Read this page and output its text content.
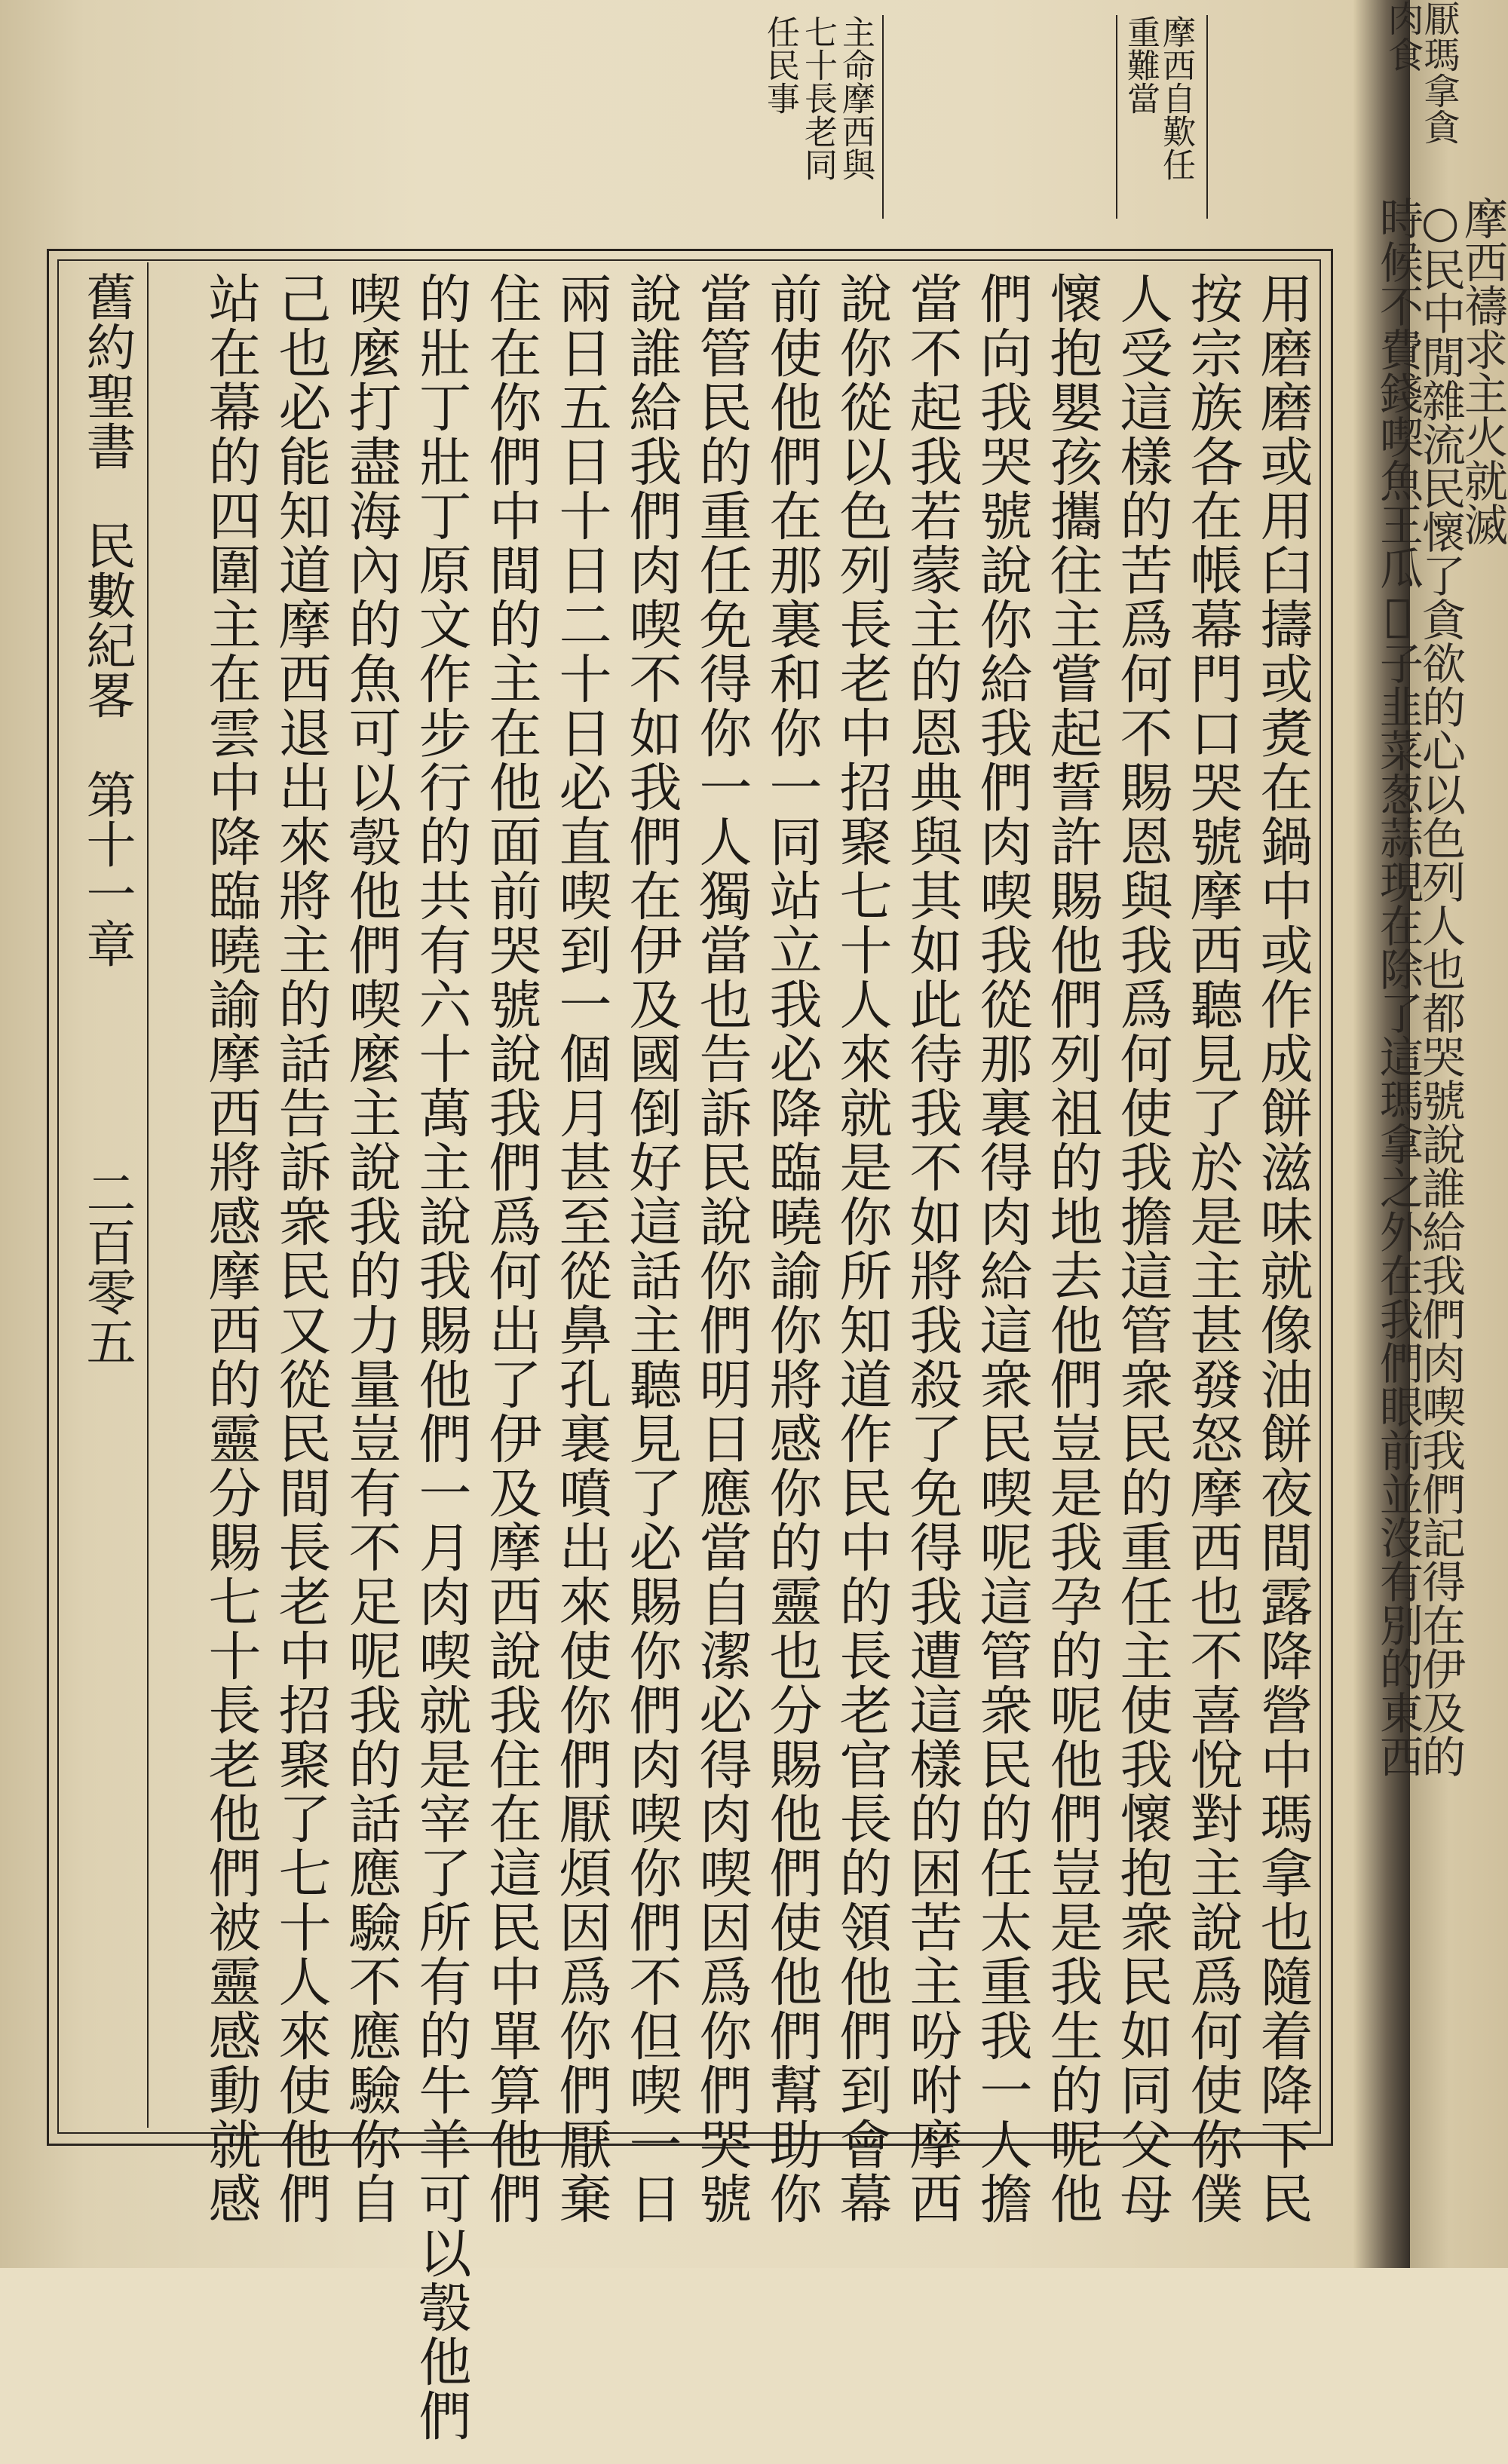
摩西自歎任
重難當

主命摩西與
七十長老同
任民事
用磨磨或用臼擣或煑在鍋中或作成餅滋味就像油餅夜間露降營中瑪拿也隨着降下民
按宗族各在帳幕門口哭號摩西聽見了於是主甚發怒摩西也不喜悅對主說爲何使你僕
人受這樣的苦爲何不賜恩與我爲何使我擔這管衆民的重任主使我懷抱衆民如同父母
懷抱嬰孩攜往主嘗起誓許賜他們列祖的地去他們豈是我孕的呢他們豈是我生的呢他
們向我哭號說你給我們肉喫我從那裏得肉給這衆民喫呢這管衆民的任太重我一人擔
當不起我若蒙主的恩典與其如此待我不如將我殺了免得我遭這樣的困苦主吩咐摩西
說你從以色列長老中招聚七十人來就是你所知道作民中的長老官長的領他們到會幕
前使他們在那裏和你一同站立我必降臨曉諭你將感你的靈也分賜他們使他們幫助你
當管民的重任免得你一人獨當也告訴民說你們明日應當自潔必得肉喫因爲你們哭號
說誰給我們肉喫不如我們在伊及國倒好這話主聽見了必賜你們肉喫你們不但喫一日
兩日五日十日二十日必直喫到一個月甚至從鼻孔裏噴出來使你們厭煩因爲你們厭棄
住在你們中間的主在他面前哭號說我們爲何出了伊及摩西說我住在這民中單算他們
的壯丁壯丁原文作步行的共有六十萬主說我賜他們一月肉喫就是宰了所有的牛羊可以彀他們
喫麼打盡海內的魚可以彀他們喫麼主說我的力量豈有不足呢我的話應驗不應驗你自
己也必能知道摩西退出來將主的話告訴衆民又從民間長老中招聚了七十人來使他們
站在幕的四圍主在雲中降臨曉諭摩西將感摩西的靈分賜七十長老他們被靈感動就感
舊約聖書　民數紀畧　第十一章　　　　二百零五
厭瑪拿貪
肉食
摩西禱求主火就滅
○民中閒雜流民懷了貪欲的心以色列人也都哭號說誰給我們肉喫我們記得在伊及的
時候不費錢喫魚王瓜𤓰子韭菜葱蒜現在除了這瑪拿之外在我們眼前並沒有別的東西
